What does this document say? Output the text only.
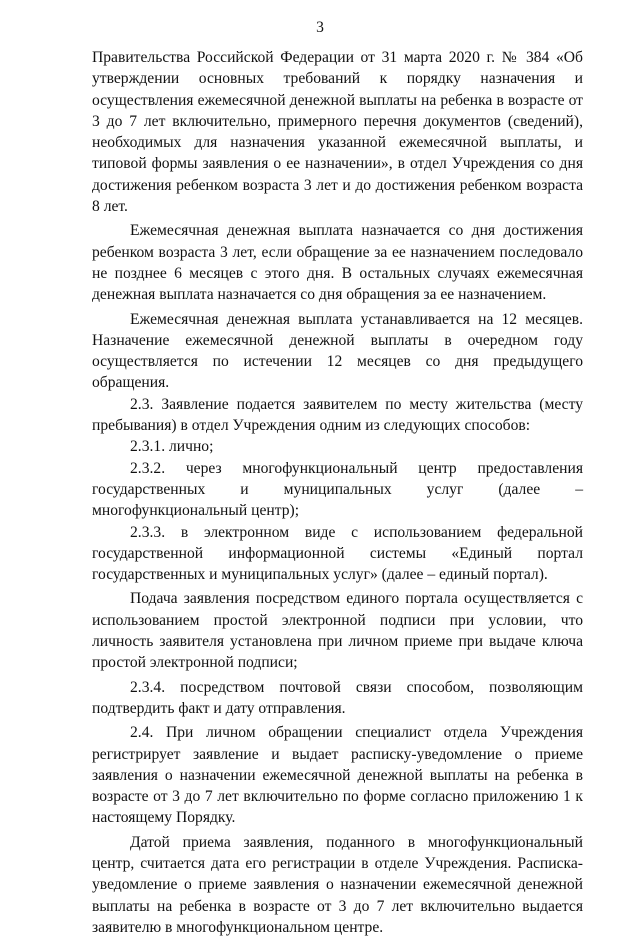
3

Правительства Российской Федерации от 31 марта 2020 г. № 384 «Об утверждении основных требований к порядку назначения и осуществления ежемесячной денежной выплаты на ребенка в возрасте от 3 до 7 лет включительно, примерного перечня документов (сведений), необходимых для назначения указанной ежемесячной выплаты, и типовой формы заявления о ее назначении», в отдел Учреждения со дня достижения ребенком возраста 3 лет и до достижения ребенком возраста 8 лет.

Ежемесячная денежная выплата назначается со дня достижения ребенком возраста 3 лет, если обращение за ее назначением последовало не позднее 6 месяцев с этого дня. В остальных случаях ежемесячная денежная выплата назначается со дня обращения за ее назначением.

Ежемесячная денежная выплата устанавливается на 12 месяцев. Назначение ежемесячной денежной выплаты в очередном году осуществляется по истечении 12 месяцев со дня предыдущего обращения.

2.3. Заявление подается заявителем по месту жительства (месту пребывания) в отдел Учреждения одним из следующих способов:

2.3.1. лично;

2.3.2. через многофункциональный центр предоставления государственных и муниципальных услуг (далее – многофункциональный центр);

2.3.3. в электронном виде с использованием федеральной государственной информационной системы «Единый портал государственных и муниципальных услуг» (далее – единый портал).

Подача заявления посредством единого портала осуществляется с использованием простой электронной подписи при условии, что личность заявителя установлена при личном приеме при выдаче ключа простой электронной подписи;

2.3.4. посредством почтовой связи способом, позволяющим подтвердить факт и дату отправления.

2.4. При личном обращении специалист отдела Учреждения регистрирует заявление и выдает расписку-уведомление о приеме заявления о назначении ежемесячной денежной выплаты на ребенка в возрасте от 3 до 7 лет включительно по форме согласно приложению 1 к настоящему Порядку.

Датой приема заявления, поданного в многофункциональный центр, считается дата его регистрации в отделе Учреждения. Расписка-уведомление о приеме заявления о назначении ежемесячной денежной выплаты на ребенка в возрасте от 3 до 7 лет включительно выдается заявителю в многофункциональном центре.
